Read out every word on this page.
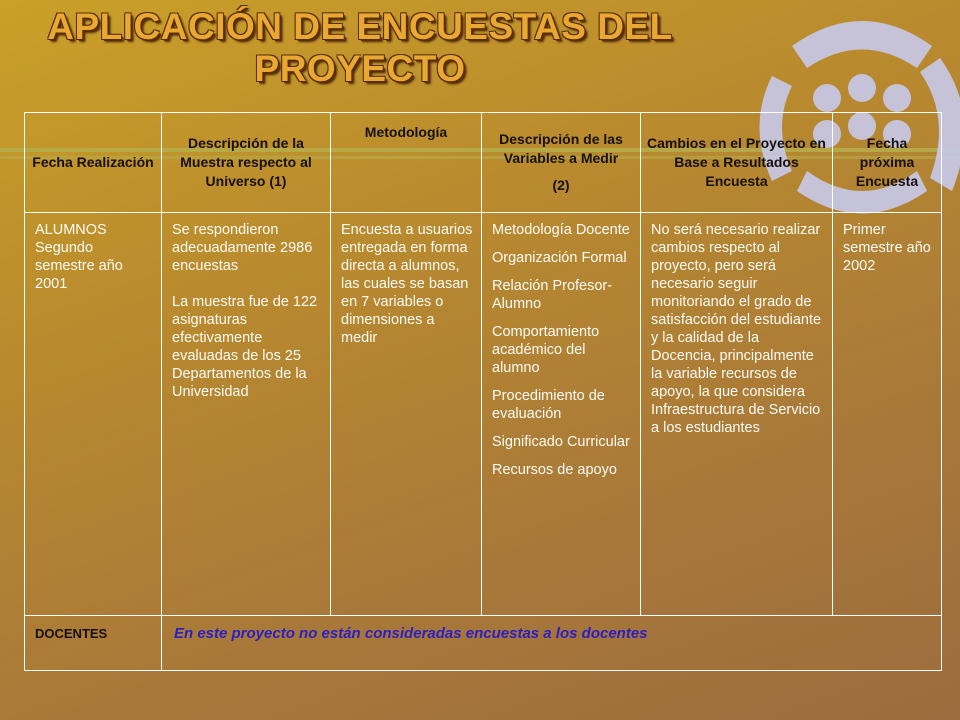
APLICACIÓN DE ENCUESTAS DEL
PROYECTO
Fecha Realización
Descripción de la Muestra respecto al Universo (1)
Metodología	Descripción de las Variables a Medir
(2)
Cambios en el Proyecto en Base a Resultados Encuesta
Fecha próxima Encuesta

ALUMNOS

Segundo semestre año 2001

Se respondieron adecuadamente 2986 encuestas

La muestra fue de 122 asignaturas efectivamente evaluadas de los 25 Departamentos de la Universidad

Encuesta a usuarios entregada en forma directa a alumnos, las cuales se basan en 7 variables o dimensiones a medir

Metodología Docente

Organización Formal

Relación Profesor-Alumno

Comportamiento académico del alumno

Procedimiento de evaluación

Significado Curricular

Recursos de apoyo

No será necesario realizar cambios respecto al proyecto, pero será necesario seguir monitoriando el grado de satisfacción del estudiante y la calidad de la Docencia, principalmente la variable recursos de apoyo, la que considera Infraestructura de Servicio a los estudiantes

Primer semestre año 2002

DOCENTES	En este proyecto no están consideradas encuestas a los docentes
